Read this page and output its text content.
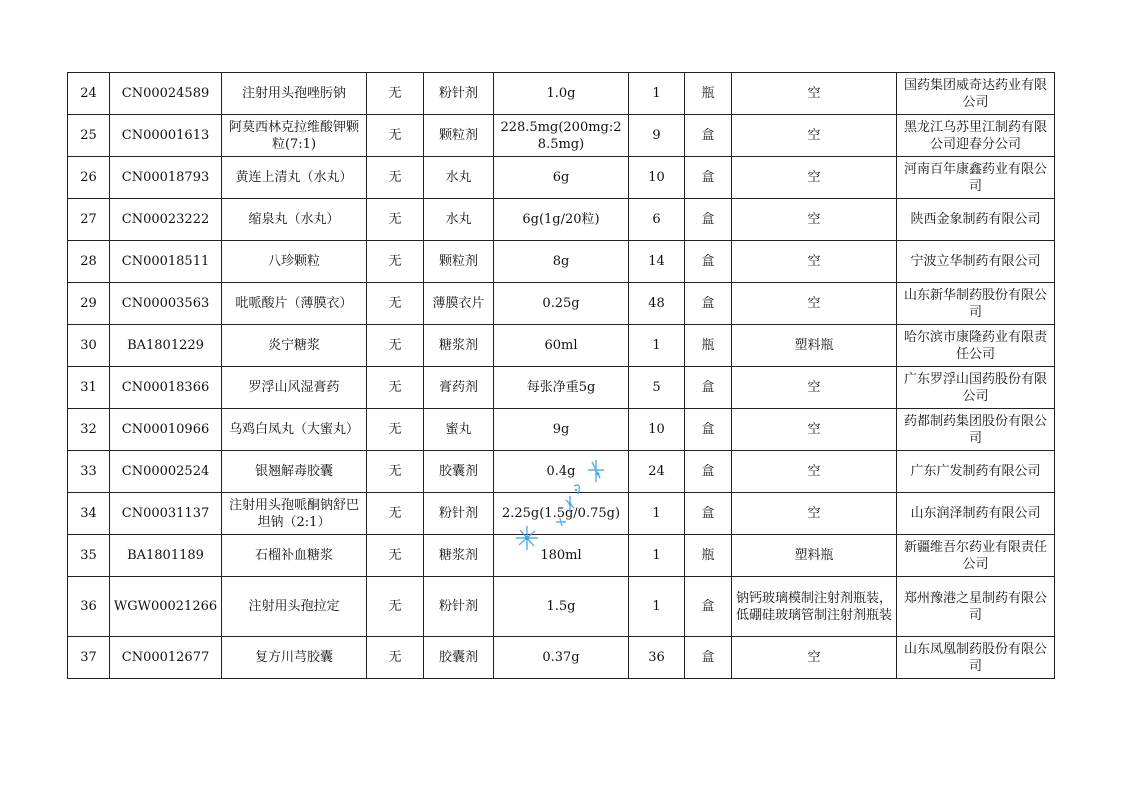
24	CN00024589	注射用头孢唑肟钠	无	粉针剂	1.0g	1	瓶	空	国药集团威奇达药业有限公司
25	CN00001613	阿莫西林克拉维酸钾颗粒(7:1)	无	颗粒剂	228.5mg(200mg:28.5mg)	9	盒	空	黑龙江乌苏里江制药有限公司迎春分公司
26	CN00018793	黄连上清丸（水丸）	无	水丸	6g	10	盒	空	河南百年康鑫药业有限公司
27	CN00023222	缩泉丸（水丸）	无	水丸	6g(1g/20粒)	6	盒	空	陕西金象制药有限公司
28	CN00018511	八珍颗粒	无	颗粒剂	8g	14	盒	空	宁波立华制药有限公司
29	CN00003563	吡哌酸片（薄膜衣）	无	薄膜衣片	0.25g	48	盒	空	山东新华制药股份有限公司
30	BA1801229	炎宁糖浆	无	糖浆剂	60ml	1	瓶	塑料瓶	哈尔滨市康隆药业有限责任公司
31	CN00018366	罗浮山风湿膏药	无	膏药剂	每张净重5g	5	盒	空	广东罗浮山国药股份有限公司
32	CN00010966	乌鸡白凤丸（大蜜丸）	无	蜜丸	9g	10	盒	空	药都制药集团股份有限公司
33	CN00002524	银翘解毒胶囊	无	胶囊剂	0.4g	24	盒	空	广东广发制药有限公司
34	CN00031137	注射用头孢哌酮钠舒巴坦钠（2:1）	无	粉针剂	2.25g(1.5g/0.75g)	1	盒	空	山东润泽制药有限公司
35	BA1801189	石榴补血糖浆	无	糖浆剂	180ml	1	瓶	塑料瓶	新疆维吾尔药业有限责任公司
36	WGW00021266	注射用头孢拉定	无	粉针剂	1.5g	1	盒	钠钙玻璃模制注射剂瓶装，低硼硅玻璃管制注射剂瓶装	郑州豫港之星制药有限公司
37	CN00012677	复方川芎胶囊	无	胶囊剂	0.37g	36	盒	空	山东凤凰制药股份有限公司
